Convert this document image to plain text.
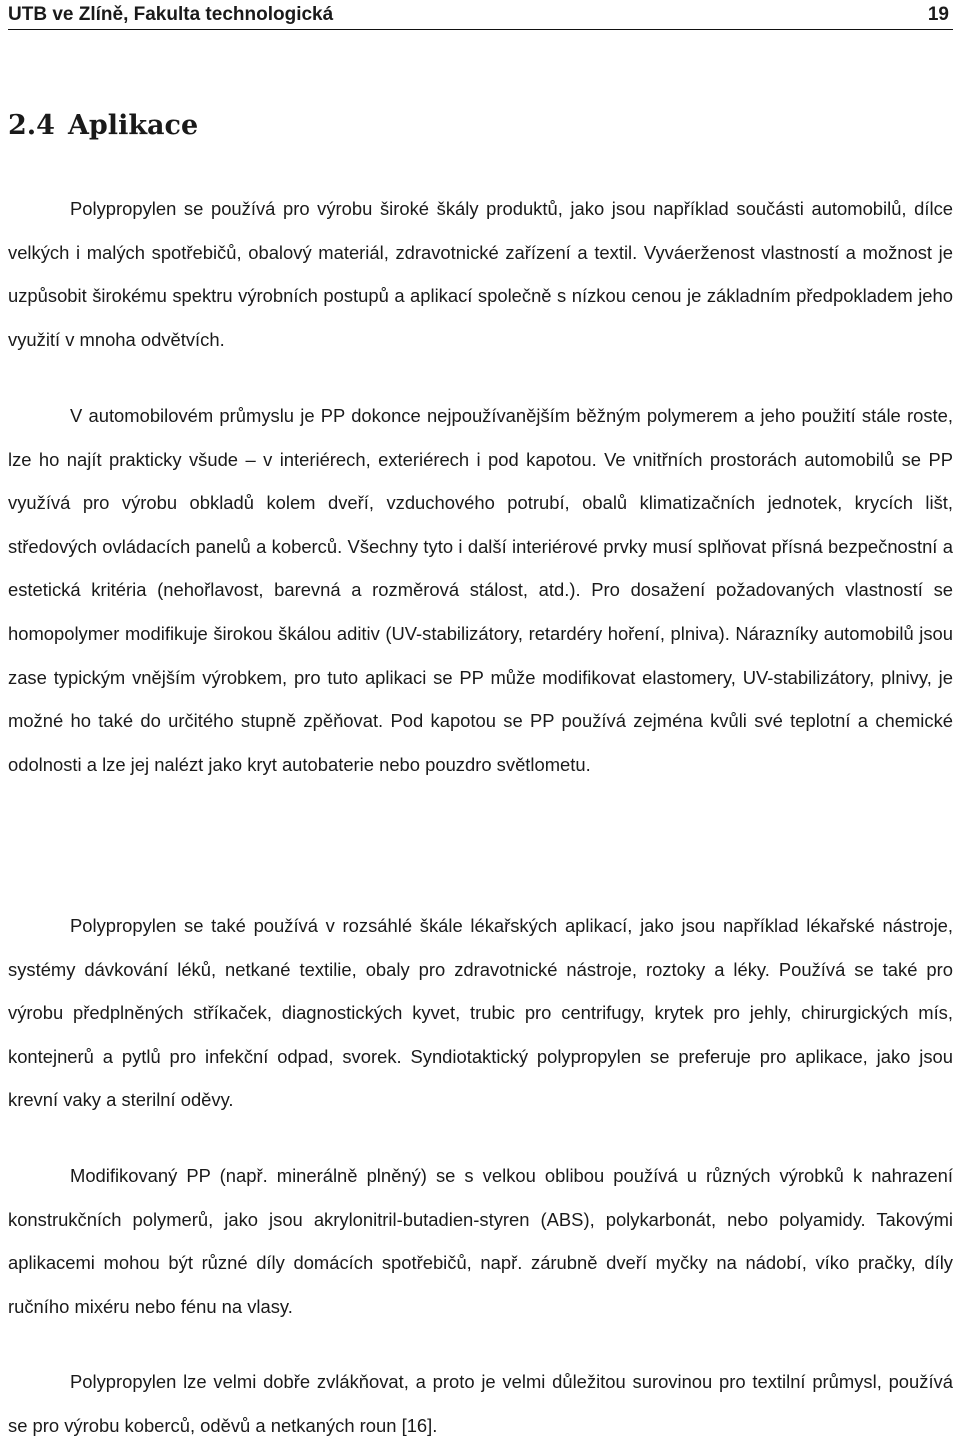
UTB ve Zlíně, Fakulta technologická	19
2.4 Aplikace

Polypropylen se používá pro výrobu široké škály produktů, jako jsou například součásti automobilů, dílce velkých i malých spotřebičů, obalový materiál, zdravotnické zařízení a textil. Vyváerženost vlastností a možnost je uzpůsobit širokému spektru výrobních postupů a aplikací společně s nízkou cenou je základním předpokladem jeho využití v mnoha odvětvích.

V automobilovém průmyslu je PP dokonce nejpoužívanějším běžným polymerem a jeho použití stále roste, lze ho najít prakticky všude – v interiérech, exteriérech i pod kapotou. Ve vnitřních prostorách automobilů se PP využívá pro výrobu obkladů kolem dveří, vzduchového potrubí, obalů klimatizačních jednotek, krycích lišt, středových ovládacích panelů a koberců. Všechny tyto i další interiérové prvky musí splňovat přísná bezpečnostní a estetická kritéria (nehořlavost, barevná a rozměrová stálost, atd.). Pro dosažení požadovaných vlastností se homopolymer modifikuje širokou škálou aditiv (UV-stabilizátory, retardéry hoření, plniva). Nárazníky automobilů jsou zase typickým vnějším výrobkem, pro tuto aplikaci se PP může modifikovat elastomery, UV-stabilizátory, plnivy, je možné ho také do určitého stupně zpěňovat. Pod kapotou se PP používá zejména kvůli své teplotní a chemické odolnosti a lze jej nalézt jako kryt autobaterie nebo pouzdro světlometu.

Polypropylen se také používá v rozsáhlé škále lékařských aplikací, jako jsou například lékařské nástroje, systémy dávkování léků, netkané textilie, obaly pro zdravotnické nástroje, roztoky a léky. Používá se také pro výrobu předplněných stříkaček, diagnostických kyvet, trubic pro centrifugy, krytek pro jehly, chirurgických mís, kontejnerů a pytlů pro infekční odpad, svorek. Syndiotaktický polypropylen se preferuje pro aplikace, jako jsou krevní vaky a sterilní oděvy.

Modifikovaný PP (např. minerálně plněný) se s velkou oblibou používá u různých výrobků k nahrazení konstrukčních polymerů, jako jsou akrylonitril-butadien-styren (ABS), polykarbonát, nebo polyamidy. Takovými aplikacemi mohou být různé díly domácích spotřebičů, např. zárubně dveří myčky na nádobí, víko pračky, díly ručního mixéru nebo fénu na vlasy.

Polypropylen lze velmi dobře zvlákňovat, a proto je velmi důležitou surovinou pro textilní průmysl, používá se pro výrobu koberců, oděvů a netkaných roun [16].
